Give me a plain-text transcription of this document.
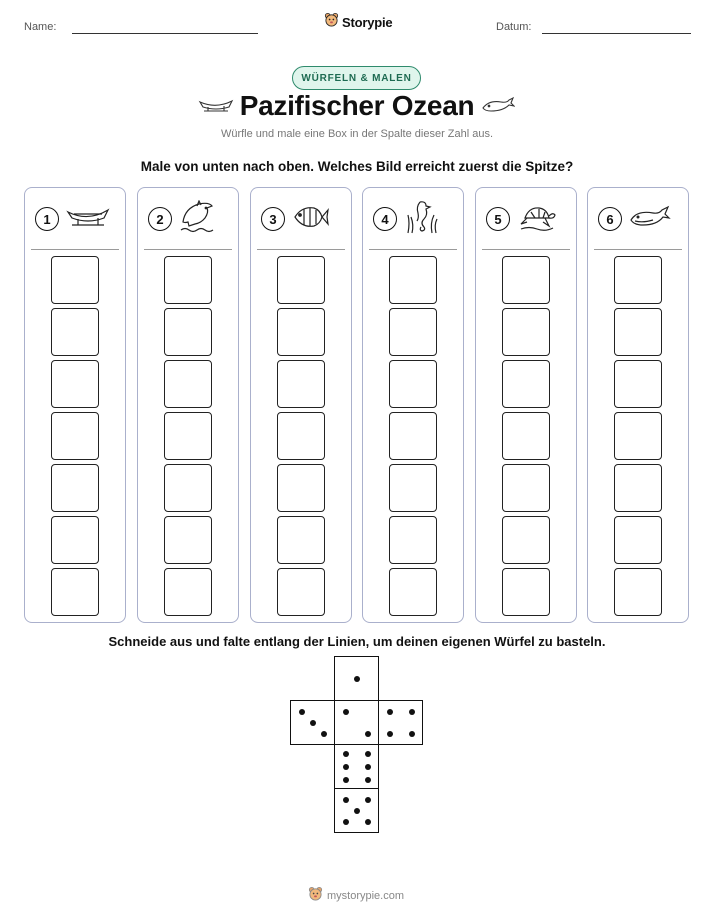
Name:	Storypie	Datum:
WÜRFELN & MALEN
Pazifischer Ozean
Würfle und male eine Box in der Spalte dieser Zahl aus.
Male von unten nach oben. Welches Bild erreicht zuerst die Spitze?
1	2	3	4	5	6
Schneide aus und falte entlang der Linien, um deinen eigenen Würfel zu basteln.
mystorypie.com
